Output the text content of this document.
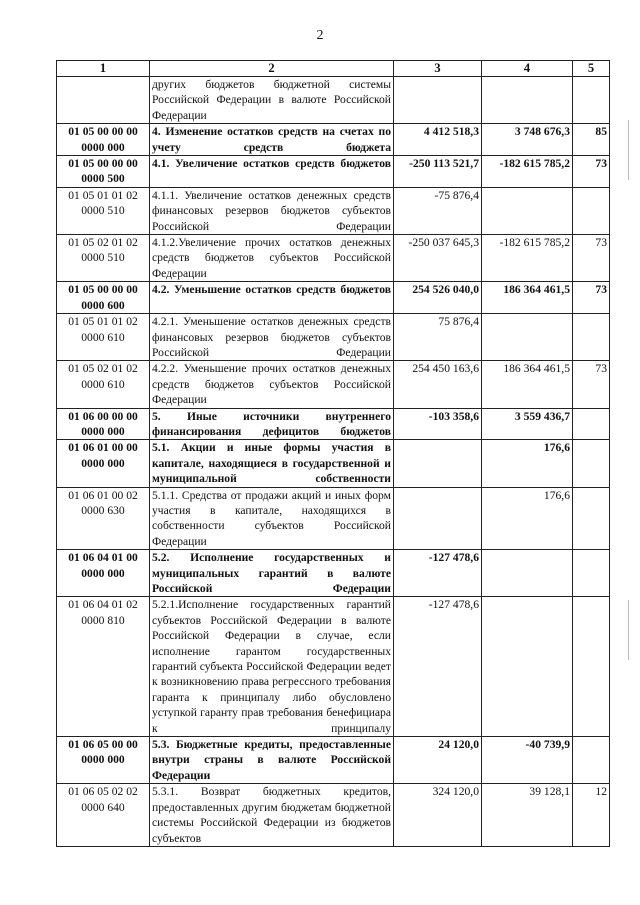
2
1	2	3	4	5
	других бюджетов бюджетной системы Российской Федерации в валюте Российской Федерации			
01 05 00 00 00 0000 000	4. Изменение остатков средств на счетах по учету средств бюджета	4 412 518,3	3 748 676,3	85
01 05 00 00 00 0000 500	4.1. Увеличение остатков средств бюджетов	-250 113 521,7	-182 615 785,2	73
01 05 01 01 02 0000 510	4.1.1. Увеличение остатков денежных средств финансовых резервов бюджетов субъектов Российской Федерации	-75 876,4		
01 05 02 01 02 0000 510	4.1.2.Увеличение прочих остатков денежных средств бюджетов субъектов Российской Федерации	-250 037 645,3	-182 615 785,2	73
01 05 00 00 00 0000 600	4.2. Уменьшение остатков средств бюджетов	254 526 040,0	186 364 461,5	73
01 05 01 01 02 0000 610	4.2.1. Уменьшение остатков денежных средств финансовых резервов бюджетов субъектов Российской Федерации	75 876,4		
01 05 02 01 02 0000 610	4.2.2. Уменьшение прочих остатков денежных средств бюджетов субъектов Российской Федерации	254 450 163,6	186 364 461,5	73
01 06 00 00 00 0000 000	5. Иные источники внутреннего финансирования дефицитов бюджетов	-103 358,6	3 559 436,7	
01 06 01 00 00 0000 000	5.1. Акции и иные формы участия в капитале, находящиеся в государственной и муниципальной собственности		176,6	
01 06 01 00 02 0000 630	5.1.1. Средства от продажи акций и иных форм участия в капитале, находящихся в собственности субъектов Российской Федерации		176,6	
01 06 04 01 00 0000 000	5.2. Исполнение государственных и муниципальных гарантий в валюте Российской Федерации	-127 478,6		
01 06 04 01 02 0000 810	5.2.1.Исполнение государственных гарантий субъектов Российской Федерации в валюте Российской Федерации в случае, если исполнение гарантом государственных гарантий субъекта Российской Федерации ведет к возникновению права регрессного требования гаранта к принципалу либо обусловлено уступкой гаранту прав требования бенефициара к принципалу	-127 478,6		
01 06 05 00 00 0000 000	5.3. Бюджетные кредиты, предоставленные внутри страны в валюте Российской Федерации	24 120,0	-40 739,9	
01 06 05 02 02 0000 640	5.3.1. Возврат бюджетных кредитов, предоставленных другим бюджетам бюджетной системы Российской Федерации из бюджетов субъектов	324 120,0	39 128,1	12
